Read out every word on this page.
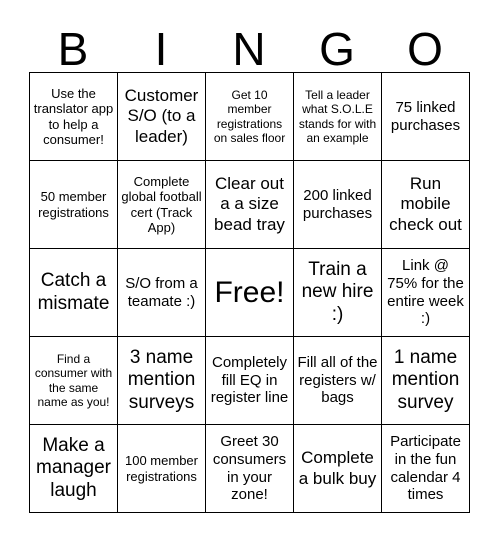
B	I	N	G	O
Use the translator app to help a consumer!
Customer S/O (to a leader)
Get 10 member registrations on sales floor
Tell a leader what S.O.L.E stands for with an example
75 linked purchases
50 member registrations
Complete global football cert (Track App)
Clear out a a size bead tray
200 linked purchases
Run mobile check out
Catch a mismate
S/O from a teamate :) Free!
Train a new hire :)
Link @ 75% for the entire week :)
Find a consumer with the same name as you!
3 name mention surveys
Completely fill EQ in register line
Fill all of the registers w/ bags
1 name mention survey
Make a manager laugh
100 member registrations
Greet 30 consumers in your zone!
Complete a bulk buy
Participate in the fun calendar 4 times
